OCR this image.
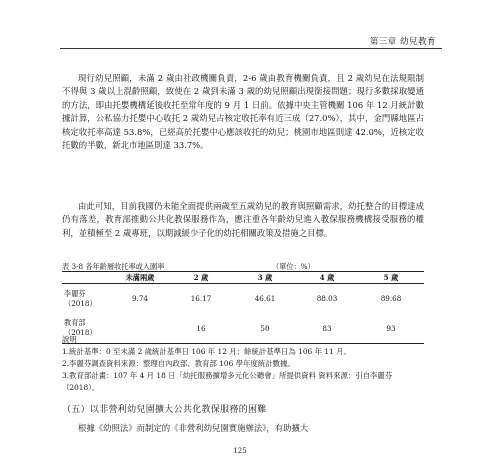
第三章 幼兒教育

現行幼兒照顧，未滿 2 歲由社政機關負責，2-6 歲由教育機關負責，且 2 歲幼兒在法規限制不得與 3 歲以上混齡照顧，致使在 2 歲到未滿 3 歲的幼兒照顧出現銜接問題；現行多數採取變通的方法，即由托嬰機構延後收托至常年度的 9 月 1 日前。依據中央主管機關 106 年 12 月統計數據計算，公私協力托嬰中心收托 2 歲幼兒占核定收托率有近三成（27.0%），其中，金門縣地區占核定收托率高達 53.8%，已經高於托嬰中心應該收托的幼兒；桃園市地區則達 42.0%，近核定收托數的半數，新北市地區則達 33.7%。

由此可知，目前我國仍未能全面提供兩歲至五歲幼兒的教育與照顧需求，幼托整合的目標達成仍有落差，教育部推動公共化教保服務作為，應注重各年齡幼兒進入教保服務機構接受服務的權利，並積極至 2 歲專班，以期減緩少子化的幼托相關政策及措施之目標。

表 3-8 各年齡層收托率或入園率	（單位：%）
	未滿兩歲	2 歲	3 歲	4 歲	5 歲
李麗芬
（2018）	9.74	16.17	46.61	88.03	89.68
教育部
（2018）		16	50	83	93
說明
1.統計基準：0 至未滿 2 歲統計基準日 106 年 12 月；餘統計基準日為 106 年 11 月。
2.李麗芬調查資料來源：整理自內政部、教育部 106 學年度統計數據。
3.教育部計畫：107 年 4 月 18 日「幼托服務擴增多元化公聽會」所提供資料 資料來源：引自李麗芬（2018）。
（五）以非營利幼兒園擴大公共化教保服務的困難

根據《幼照法》而制定的《非營利幼兒園實施辦法》，有助擴大

125
